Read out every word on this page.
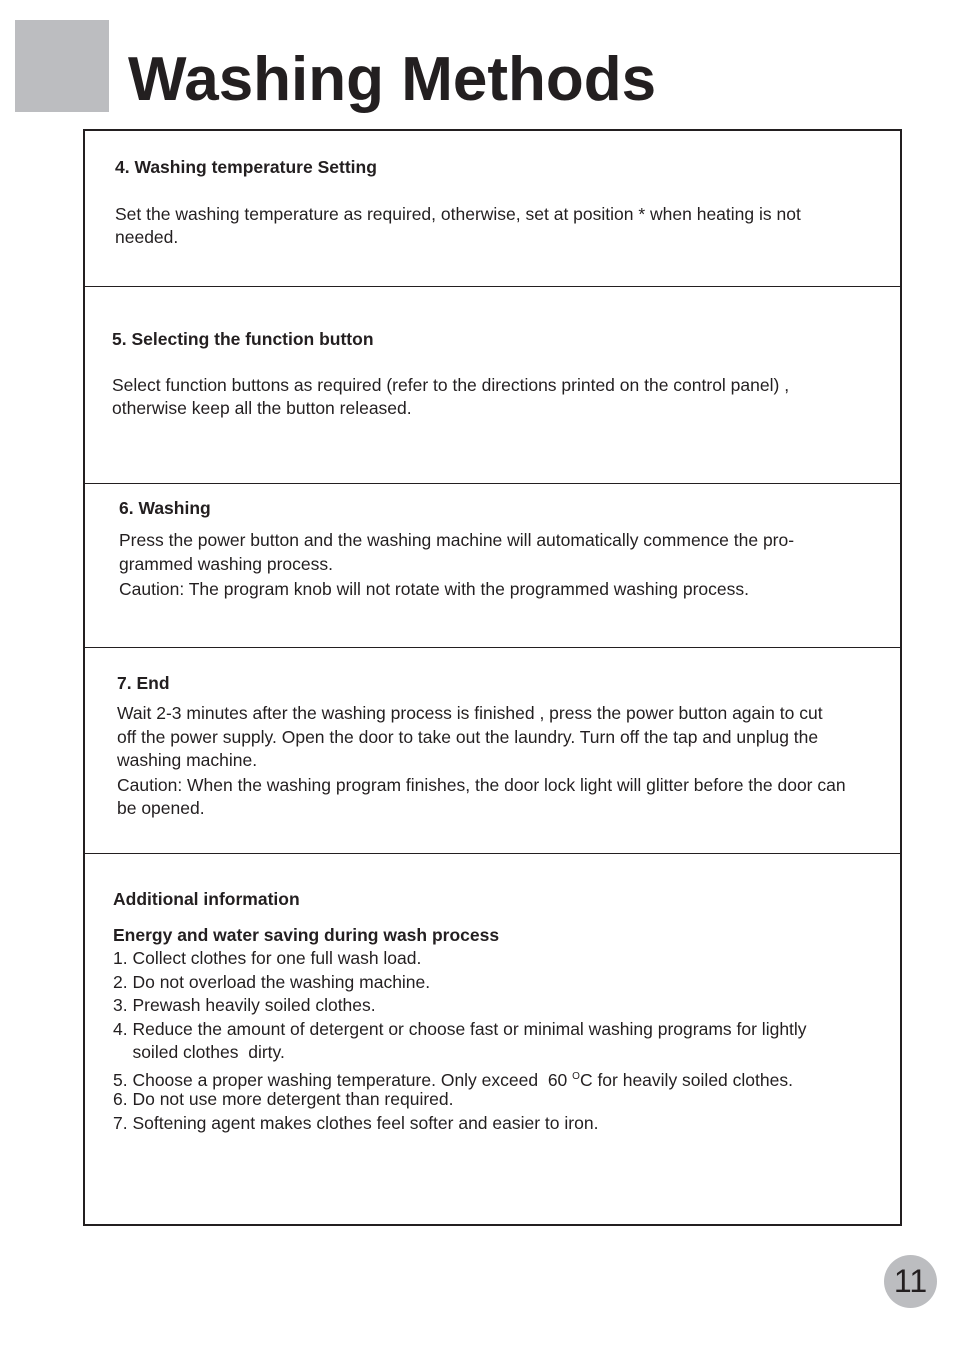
Washing Methods
4. Washing temperature Setting
Set the washing temperature as required, otherwise, set at position * when heating is not
needed.
5. Selecting the function button
Select function buttons as required (refer to the directions printed on the control panel) ,
otherwise keep all the button released.
6. Washing
Press the power button and the washing machine will automatically commence the pro-
grammed washing process.
Caution: The program knob will not rotate with the programmed washing process.
7. End
Wait 2-3 minutes after the washing process is finished , press the power button again to cut
off the power supply. Open the door to take out the laundry. Turn off the tap and unplug the
washing machine.
Caution: When the washing program finishes, the door lock light will glitter before the door can
be opened.
Additional information
Energy and water saving during wash process
1. Collect clothes for one full wash load.
2. Do not overload the washing machine.
3. Prewash heavily soiled clothes.
4. Reduce the amount of detergent or choose fast or minimal washing programs for lightly
soiled clothes  dirty.
5. Choose a proper washing temperature. Only exceed  60 $^O$C for heavily soiled clothes.
6. Do not use more detergent than required.
7. Softening agent makes clothes feel softer and easier to iron.
11
